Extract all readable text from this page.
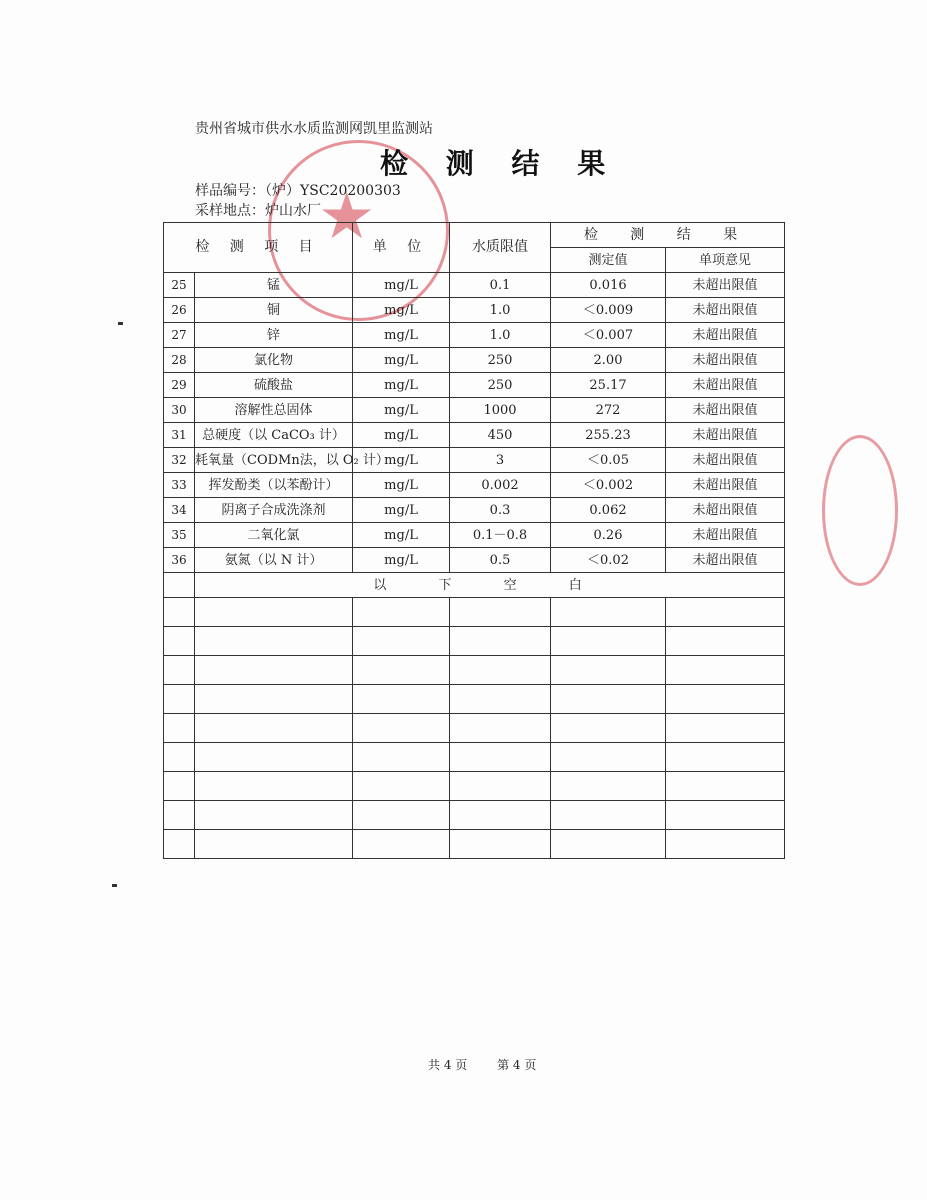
★
贵州省城市供水水质监测网凯里监测站
检 测 结 果
样品编号：（炉）YSC20200303
采样地点：炉山水厂
检 测 项 目		单 位	水质限值	检 测 结 果	
				测定值	单项意见
25	锰	mg/L	0.1	0.016	未超出限值
26	铜	mg/L	1.0	＜0.009	未超出限值
27	锌	mg/L	1.0	＜0.007	未超出限值
28	氯化物	mg/L	250	2.00	未超出限值
29	硫酸盐	mg/L	250	25.17	未超出限值
30	溶解性总固体	mg/L	1000	272	未超出限值
31	总硬度（以 CaCO₃ 计）	mg/L	450	255.23	未超出限值
32	耗氧量（CODMn法，以 O₂ 计）	mg/L	3	＜0.05	未超出限值
33	挥发酚类（以苯酚计）	mg/L	0.002	＜0.002	未超出限值
34	阴离子合成洗涤剂	mg/L	0.3	0.062	未超出限值
35	二氧化氯	mg/L	0.1－0.8	0.26	未超出限值
36	氨氮（以 N 计）	mg/L	0.5	＜0.02	未超出限值
	以 下 空 白				

共 4 页 第 4 页
